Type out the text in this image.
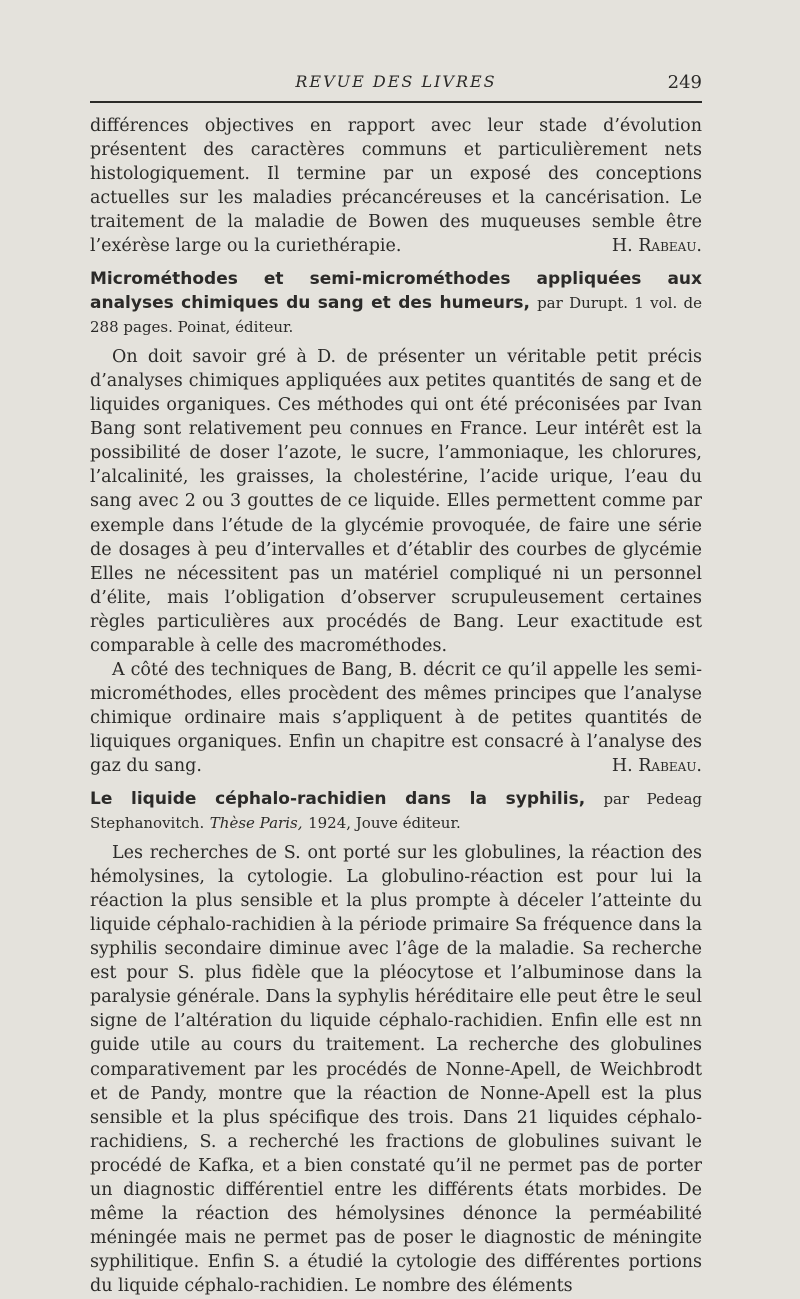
REVUE DES LIVRES	249

différences objectives en rapport avec leur stade d’évolution présentent des caractères communs et particulièrement nets histologiquement. Il termine par un exposé des conceptions actuelles sur les maladies précancéreuses et la cancérisation. Le traitement de la maladie de Bowen des muqueuses semble être l’exérèse large ou la curiethérapie.	H. Rabeau.

Microméthodes et semi-microméthodes appliquées aux analyses chimiques du sang et des humeurs, par Durupt. 1 vol. de 288 pages. Poinat, éditeur.

On doit savoir gré à D. de présenter un véritable petit précis d’analyses chimiques appliquées aux petites quantités de sang et de liquides organiques. Ces méthodes qui ont été préconisées par Ivan Bang sont relativement peu connues en France. Leur intérêt est la possibilité de doser l’azote, le sucre, l’ammoniaque, les chlorures, l’alcalinité, les graisses, la cholestérine, l’acide urique, l’eau du sang avec 2 ou 3 gouttes de ce liquide. Elles permettent comme par exemple dans l’étude de la glycémie provoquée, de faire une série de dosages à peu d’intervalles et d’établir des courbes de glycémie Elles ne nécessitent pas un matériel compliqué ni un personnel d’élite, mais l’obligation d’observer scrupuleusement certaines règles particulières aux procédés de Bang. Leur exactitude est comparable à celle des macrométhodes.

A côté des techniques de Bang, B. décrit ce qu’il appelle les semi-microméthodes, elles procèdent des mêmes principes que l’analyse chimique ordinaire mais s’appliquent à de petites quantités de liquiques organiques. Enfin un chapitre est consacré à l’analyse des gaz du sang.	H. Rabeau.

Le liquide céphalo-rachidien dans la syphilis, par Pedeag Stephanovitch. Thèse Paris, 1924, Jouve éditeur.

Les recherches de S. ont porté sur les globulines, la réaction des hémolysines, la cytologie. La globulino-réaction est pour lui la réaction la plus sensible et la plus prompte à déceler l’atteinte du liquide céphalo-rachidien à la période primaire Sa fréquence dans la syphilis secondaire diminue avec l’âge de la maladie. Sa recherche est pour S. plus fidèle que la pléocytose et l’albuminose dans la paralysie générale. Dans la syphylis héréditaire elle peut être le seul signe de l’altération du liquide céphalo-rachidien. Enfin elle est nn guide utile au cours du traitement. La recherche des globulines comparativement par les procédés de Nonne-Apell, de Weichbrodt et de Pandy, montre que la réaction de Nonne-Apell est la plus sensible et la plus spécifique des trois. Dans 21 liquides céphalo-rachidiens, S. a recherché les fractions de globulines suivant le procédé de Kafka, et a bien constaté qu’il ne permet pas de porter un diagnostic différentiel entre les différents états morbides. De même la réaction des hémolysines dénonce la perméabilité méningée mais ne permet pas de poser le diagnostic de méningite syphilitique. Enfin S. a étudié la cytologie des différentes portions du liquide céphalo-rachidien. Le nombre des éléments
